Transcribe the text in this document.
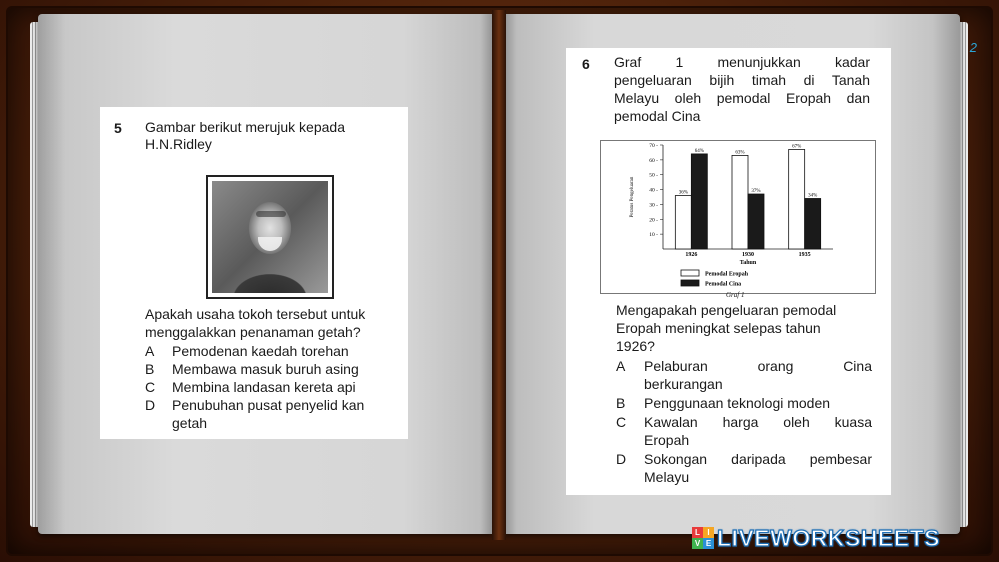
2
5 Gambar berikut merujuk kepada
H.N.Ridley
Apakah usaha tokoh tersebut untuk
menggalakkan penanaman getah?
A Pemodenan kaedah torehan
B Membawa masuk buruh asing
C Membina landasan kereta api
D Penubuhan pusat penyelid kan
getah
6 Graf 1 menunjukkan kadar
pengeluaran bijih timah di Tanah
Melayu oleh pemodal Eropah dan
pemodal Cina
10 -
20 -
30 -
40 -
50 -
60 -
70 -
Peratus Pengeluaran	36%
64%
1926
63%
37%
1930
67%
34%
1935
Tahun
Pemodal Eropah
Pemodal Cina
Graf 1
Mengapakah pengeluaran pemodal
Eropah meningkat selepas tahun
1926?
A Pelaburan orang Cina
berkurangan
B Penggunaan teknologi moden
C Kawalan harga oleh kuasa
Eropah
D Sokongan daripada pembesar
Melayu
L I
V E LIVEWORKSHEETS
